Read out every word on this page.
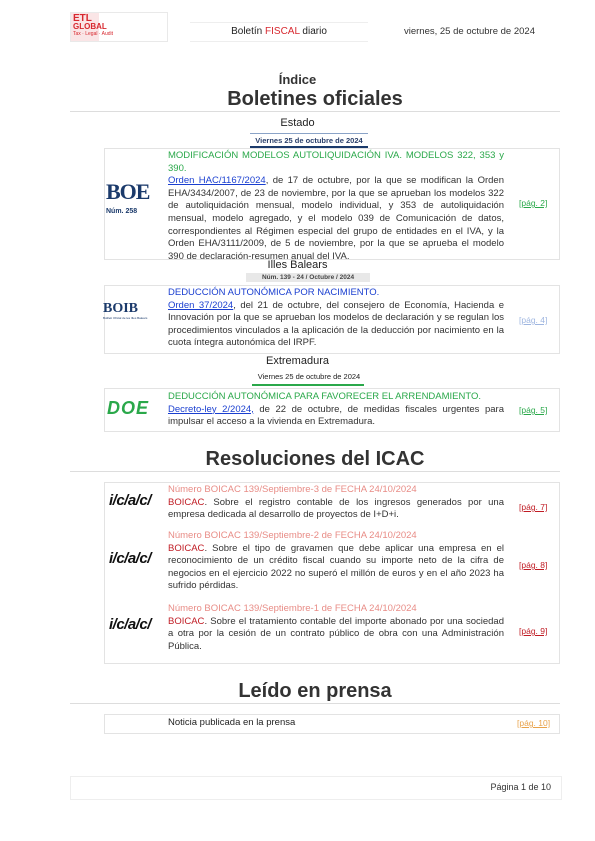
ETL
GLOBAL
Tax · Legal · Audit	Boletín FISCAL diario	viernes, 25 de octubre de 2024
Índice
Boletines oficiales
Estado
Viernes 25 de octubre de 2024
BOE
Núm. 258
MODIFICACIÓN MODELOS AUTOLIQUIDACIÓN IVA. MODELOS 322, 353 y 390.
Orden HAC/1167/2024, de 17 de octubre, por la que se modifican la Orden EHA/3434/2007, de 23 de noviembre, por la que se aprueban los modelos 322 de autoliquidación mensual, modelo individual, y 353 de autoliquidación mensual, modelo agregado, y el modelo 039 de Comunicación de datos, correspondientes al Régimen especial del grupo de entidades en el IVA, y la Orden EHA/3111/2009, de 5 de noviembre, por la que se aprueba el modelo 390 de declaración-resumen anual del IVA.
[pág. 2]
Illes Balears
Núm. 139 - 24 / Octubre / 2024
BOIB
Butlletí Oficial de les Illes Balears
DEDUCCIÓN AUTONÓMICA POR NACIMIENTO.
Orden 37/2024, del 21 de octubre, del consejero de Economía, Hacienda e Innovación por la que se aprueban los modelos de declaración y se regulan los procedimientos vinculados a la aplicación de la deducción por nacimiento en la cuota íntegra autonómica del IRPF.
[pág. 4]
Extremadura
Viernes 25 de octubre de 2024
DOE
DEDUCCIÓN AUTONÓMICA PARA FAVORECER EL ARRENDAMIENTO.
Decreto-ley 2/2024, de 22 de octubre, de medidas fiscales urgentes para impulsar el acceso a la vivienda en Extremadura.
[pág. 5]
Resoluciones del ICAC
i/c/a/c/
Número BOICAC 139/Septiembre-3 de FECHA 24/10/2024
BOICAC. Sobre el registro contable de los ingresos generados por una empresa dedicada al desarrollo de proyectos de I+D+i.
[pág. 7]
i/c/a/c/
Número BOICAC 139/Septiembre-2 de FECHA 24/10/2024
BOICAC. Sobre el tipo de gravamen que debe aplicar una empresa en el reconocimiento de un crédito fiscal cuando su importe neto de la cifra de negocios en el ejercicio 2022 no superó el millón de euros y en el año 2023 ha sufrido pérdidas.
[pág. 8]
i/c/a/c/
Número BOICAC 139/Septiembre-1 de FECHA 24/10/2024
BOICAC. Sobre el tratamiento contable del importe abonado por una sociedad a otra por la cesión de un contrato público de obra con una Administración Pública.
[pág. 9]
Leído en prensa
Noticia publicada en la prensa	[pág. 10]
Página 1 de 10
